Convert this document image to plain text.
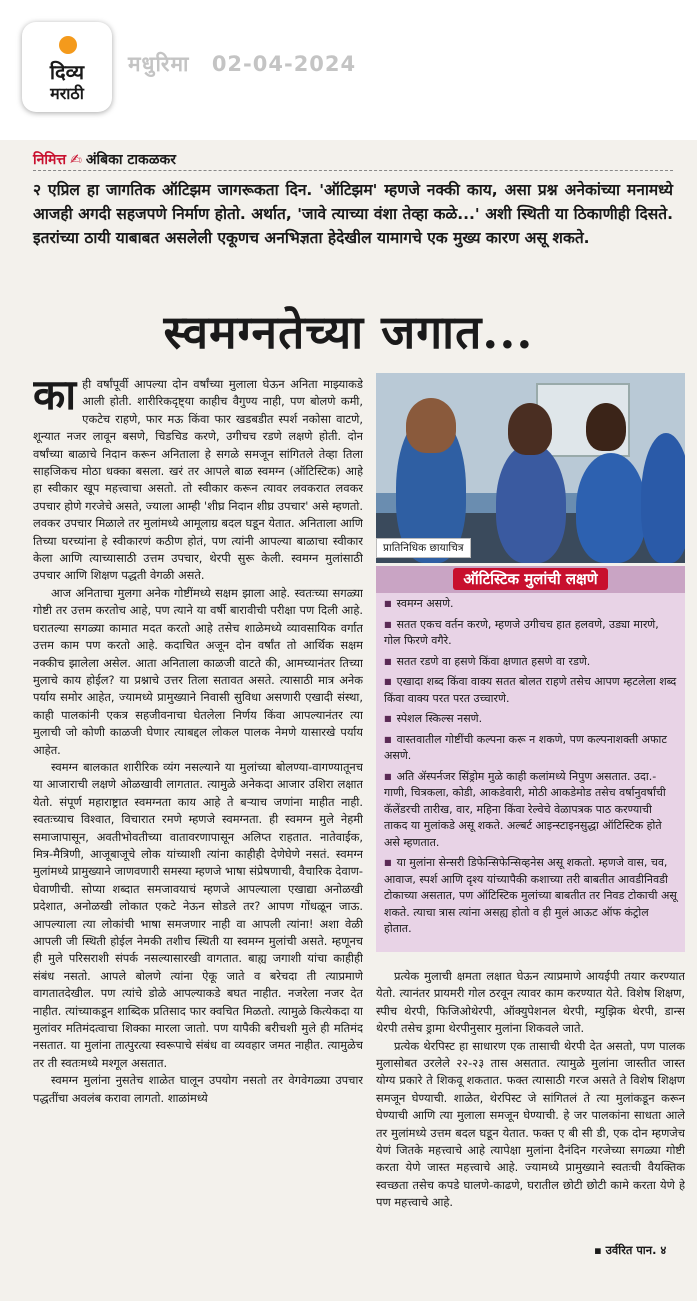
दिव्य
मराठी
मधुरिमा 02-04-2024
निमित्त ✍ अंबिका टाकळकर
२ एप्रिल हा जागतिक ऑटिझम जागरूकता दिन. 'ऑटिझम' म्हणजे नक्की काय, असा प्रश्न अनेकांच्या मनामध्ये आजही अगदी सहजपणे निर्माण होतो. अर्थात, 'जावे त्याच्या वंशा तेव्हा कळे...' अशी स्थिती या ठिकाणीही दिसते. इतरांच्या ठायी याबाबत असलेली एकूणच अनभिज्ञता हेदेखील यामागचे एक मुख्य कारण असू शकते.
स्वमग्नतेच्या जगात...

काही वर्षांपूर्वी आपल्या दोन वर्षांच्या मुलाला घेऊन अनिता माझ्याकडे आली होती. शारीरिकदृष्ट्या काहीच वैगुण्य नाही, पण बोलणे कमी, एकटेच राहणे, फार मऊ किंवा फार खडबडीत स्पर्श नकोसा वाटणे, शून्यात नजर लावून बसणे, चिडचिड करणे, उगीचच रडणे लक्षणे होती. दोन वर्षांच्या बाळाचे निदान करून अनिताला हे सगळे समजून सांगितले तेव्हा तिला साहजिकच मोठा धक्का बसला. खरं तर आपले बाळ स्वमग्न (ऑटिस्टिक) आहे हा स्वीकार खूप महत्त्वाचा असतो. तो स्वीकार करून त्यावर लवकरात लवकर उपचार होणे गरजेचे असते, ज्याला आम्ही 'शीघ्र निदान शीघ्र उपचार' असे म्हणतो. लवकर उपचार मिळाले तर मुलांमध्ये आमूलाग्र बदल घडून येतात. अनिताला आणि तिच्या घरच्यांना हे स्वीकारणं कठीण होतं, पण त्यांनी आपल्या बाळाचा स्वीकार केला आणि त्याच्यासाठी उत्तम उपचार, थेरपी सुरू केली. स्वमग्न मुलांसाठी उपचार आणि शिक्षण पद्धती वेगळी असते.

आज अनिताचा मुलगा अनेक गोष्टींमध्ये सक्षम झाला आहे. स्वतःच्या सगळ्या गोष्टी तर उत्तम करतोच आहे, पण त्याने या वर्षी बारावीची परीक्षा पण दिली आहे. घरातल्या सगळ्या कामात मदत करतो आहे तसेच शाळेमध्ये व्यावसायिक वर्गात उत्तम काम पण करतो आहे. कदाचित अजून दोन वर्षांत तो आर्थिक सक्षम नक्कीच झालेला असेल. आता अनिताला काळजी वाटते की, आमच्यानंतर तिच्या मुलाचे काय होईल? या प्रश्नाचे उत्तर तिला सतावत असते. त्यासाठी मात्र अनेक पर्याय समोर आहेत, ज्यामध्ये प्रामुख्याने निवासी सुविधा असणारी एखादी संस्था, काही पालकांनी एकत्र सहजीवनाचा घेतलेला निर्णय किंवा आपल्यानंतर त्या मुलाची जो कोणी काळजी घेणार त्याबद्दल लोकल पालक नेमणे यासारखे पर्याय आहेत.

स्वमग्न बालकात शारीरिक व्यंग नसल्याने या मुलांच्या बोलण्या-वागण्यातूनच या आजाराची लक्षणे ओळखावी लागतात. त्यामुळे अनेकदा आजार उशिरा लक्षात येतो. संपूर्ण महाराष्ट्रात स्वमग्नता काय आहे ते बऱ्याच जणांना माहीत नाही. स्वतःच्याच विश्वात, विचारात रमणे म्हणजे स्वमग्नता. ही स्वमग्न मुले नेहमी समाजापासून, अवतीभोवतीच्या वातावरणापासून अलिप्त राहतात. नातेवाईक, मित्र-मैत्रिणी, आजूबाजूचे लोक यांच्याशी त्यांना काहीही देणेघेणे नसतं. स्वमग्न मुलांमध्ये प्रामुख्याने जाणवणारी समस्या म्हणजे भाषा संप्रेषणाची, वैचारिक देवाण-घेवाणीची. सोप्या शब्दात समजावयाचं म्हणजे आपल्याला एखाद्या अनोळखी प्रदेशात, अनोळखी लोकात एकटे नेऊन सोडले तर? आपण गोंधळून जाऊ. आपल्याला त्या लोकांची भाषा समजणार नाही वा आपली त्यांना! अशा वेळी आपली जी स्थिती होईल नेमकी तशीच स्थिती या स्वमग्न मुलांची असते. म्हणूनच ही मुले परिसराशी संपर्क नसल्यासारखी वागतात. बाह्य जगाशी यांचा काहीही संबंध नसतो. आपले बोलणे त्यांना ऐकू जाते व बरेचदा ती त्याप्रमाणे वागतातदेखील. पण त्यांचे डोळे आपल्याकडे बघत नाहीत. नजरेला नजर देत नाहीत. त्यांच्याकडून शाब्दिक प्रतिसाद फार क्वचित मिळतो. त्यामुळे कित्येकदा या मुलांवर मतिमंदत्वाचा शिक्का मारला जातो. पण यापैकी बरीचशी मुले ही मतिमंद नसतात. या मुलांना तात्पुरत्या स्वरूपाचे संबंध वा व्यवहार जमत नाहीत. त्यामुळेच तर ती स्वतःमध्ये मश्गूल असतात.

स्वमग्न मुलांना नुसतेच शाळेत घालून उपयोग नसतो तर वेगवेगळ्या उपचार पद्धतींचा अवलंब करावा लागतो. शाळांमध्ये

प्रातिनिधिक छायाचित्र
■ स्वमग्न असणे.
■ सतत एकच वर्तन करणे, म्हणजे उगीचच हात हलवणे, उड्या मारणे, गोल फिरणे वगैरे.
■ सतत रडणे वा हसणे किंवा क्षणात हसणे वा रडणे.
■ एखादा शब्द किंवा वाक्य सतत बोलत राहणे तसेच आपण म्हटलेला शब्द किंवा वाक्य परत परत उच्चारणे.
■ स्पेशल स्किल्स नसणे.
■ वास्तवातील गोष्टींची कल्पना करू न शकणे, पण कल्पनाशक्ती अफाट असणे.
■ अति ॲस्पर्नजर सिंड्रोम मुळे काही कलांमध्ये निपुण असतात. उदा.- गाणी, चित्रकला, कोडी, आकडेवारी, मोठी आकडेमोड तसेच वर्षानुवर्षांची कॅलेंडरची तारीख, वार, महिना किंवा रेल्वेचे वेळापत्रक पाठ करण्याची ताकद या मुलांकडे असू शकते. अल्बर्ट आइन्स्टाइनसुद्धा ऑटिस्टिक होते असे म्हणतात.
■ या मुलांना सेन्सरी डिफेन्सिफेन्सिव्हनेस असू शकतो. म्हणजे वास, चव, आवाज, स्पर्श आणि दृश्य यांच्यापैकी कशाच्या तरी बाबतीत आवडीनिवडी टोकाच्या असतात, पण ऑटिस्टिक मुलांच्या बाबतीत तर निवड टोकाची असू शकते. त्याचा त्रास त्यांना असह्य होतो व ही मुलं आऊट ऑफ कंट्रोल होतात.
ऑटिस्टिक मुलांची लक्षणे

प्रत्येक मुलाची क्षमता लक्षात घेऊन त्याप्रमाणे आयईपी तयार करण्यात येतो. त्यानंतर प्रायमरी गोल ठरवून त्यावर काम करण्यात येते. विशेष शिक्षण, स्पीच थेरपी, फिजिओथेरपी, ऑक्युपेशनल थेरपी, म्युझिक थेरपी, डान्स थेरपी तसेच ड्रामा थेरपीनुसार मुलांना शिकवले जाते.

प्रत्येक थेरपिस्ट हा साधारण एक तासाची थेरपी देत असतो, पण पालक मुलासोबत उरलेले २२-२३ तास असतात. त्यामुळे मुलांना जास्तीत जास्त योग्य प्रकारे ते शिकवू शकतात. फक्त त्यासाठी गरज असते ते विशेष शिक्षण समजून घेण्याची. शाळेत, थेरपिस्ट जे सांगितलं ते त्या मुलांकडून करून घेण्याची आणि त्या मुलाला समजून घेण्याची. हे जर पालकांना साधता आले तर मुलांमध्ये उत्तम बदल घडून येतात. फक्त ए बी सी डी, एक दोन म्हणजेच येणं जितके महत्त्वाचे आहे त्यापेक्षा मुलांना दैनंदिन गरजेच्या सगळ्या गोष्टी करता येणे जास्त महत्त्वाचे आहे. ज्यामध्ये प्रामुख्याने स्वतःची वैयक्तिक स्वच्छता तसेच कपडे घालणे-काढणे, घरातील छोटी छोटी कामे करता येणे हे पण महत्त्वाचे आहे.

▪ उर्वरित पान. ४
